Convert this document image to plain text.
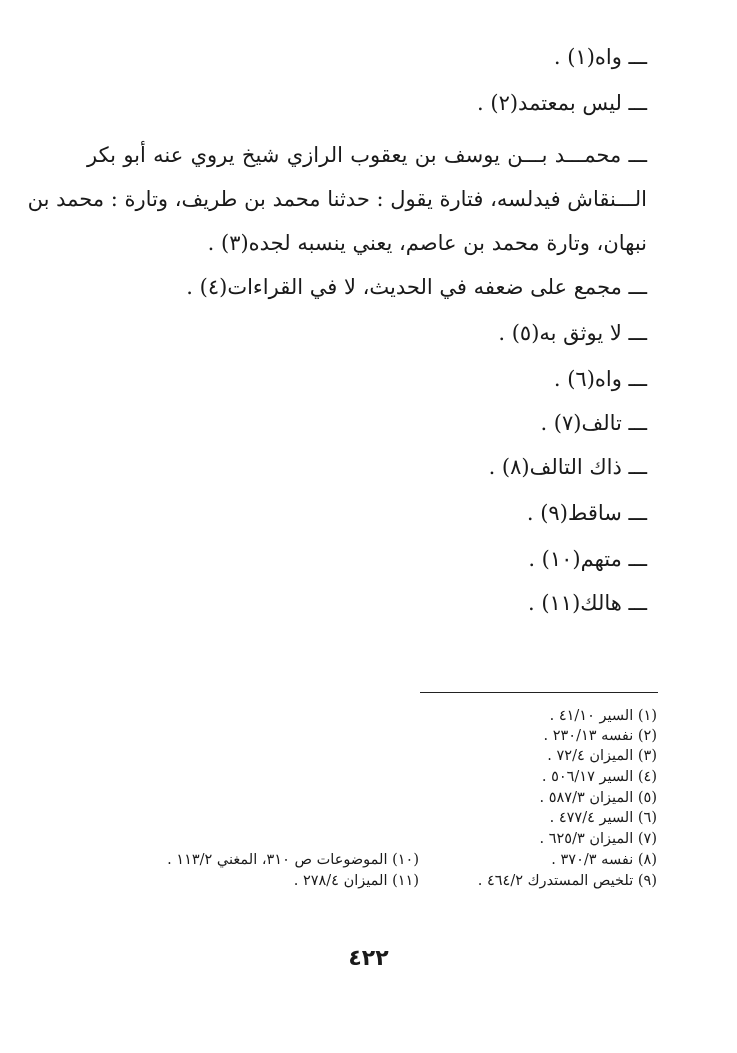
ـــ واه(١) .
ـــ ليس بمعتمد(٢) .
ـــ محمـــد بـــن يوسف بن يعقوب الرازي شيخ يروي عنه أبو بكر
الـــنقاش فيدلسه، فتارة يقول : حدثنا محمد بن طريف، وتارة : محمد بن
نبهان، وتارة محمد بن عاصم، يعني ينسبه لجده(٣) .
ـــ مجمع على ضعفه في الحديث، لا في القراءات(٤) .
ـــ لا يوثق به(٥) .
ـــ واه(٦) .
ـــ تالف(٧) .
ـــ ذاك التالف(٨) .
ـــ ساقط(٩) .
ـــ متهم(١٠) .
ـــ هالك(١١) .
(١) السير ٤١/١٠ .
(٢) نفسه ٢٣٠/١٣ .
(٣) الميزان ٧٢/٤ .
(٤) السير ٥٠٦/١٧ .
(٥) الميزان ٥٨٧/٣ .
(٦) السير ٤٧٧/٤ .
(٧) الميزان ٦٢٥/٣ .
(٨) نفسه ٣٧٠/٣ .
(٩) تلخيص المستدرك ٤٦٤/٢ .
(١٠) الموضوعات ص ٣١٠، المغني ١١٣/٢ .
(١١) الميزان ٢٧٨/٤ .
٤٢٢
